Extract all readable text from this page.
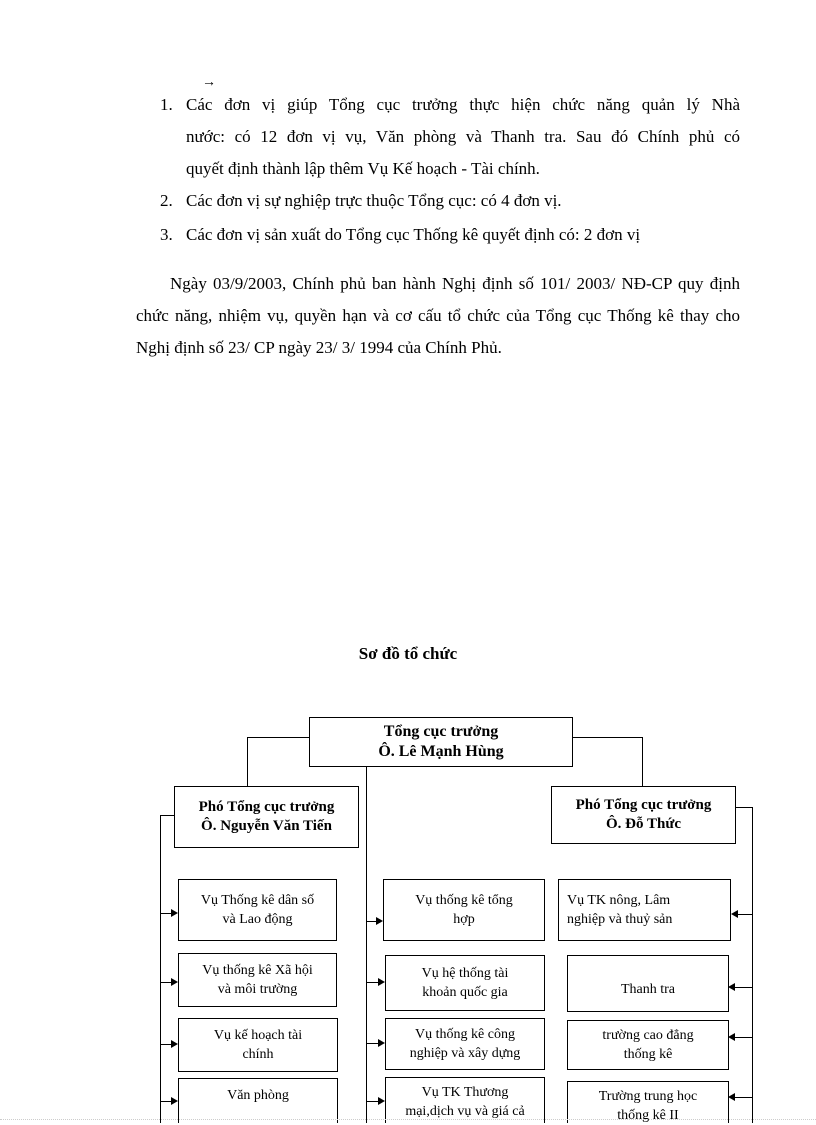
→
1. Các đơn vị giúp Tổng cục trưởng thực hiện chức năng quản lý Nhà
nước: có 12 đơn vị vụ, Văn phòng và Thanh tra. Sau đó Chính phủ có
quyết định thành lập thêm Vụ Kế hoạch - Tài chính.
2. Các đơn vị sự nghiệp trực thuộc Tổng cục: có 4 đơn vị.
3. Các đơn vị sản xuất do Tổng cục Thống kê quyết định có: 2 đơn vị
Ngày 03/9/2003, Chính phủ ban hành Nghị định số 101/ 2003/ NĐ-CP quy định chức năng, nhiệm vụ, quyền hạn và cơ cấu tổ chức của Tổng cục Thống kê thay cho Nghị định số 23/ CP ngày 23/ 3/ 1994 của Chính Phủ.
Sơ đồ tổ chức
Tổng cục trưởng
Ô. Lê Mạnh Hùng
Phó Tổng cục trưởng
Ô. Nguyễn Văn Tiến
Phó Tổng cục trưởng
Ô. Đỗ Thức
Vụ Thống kê dân số
và Lao động
Vụ thống kê Xã hội
và môi trường
Vụ kế hoạch tài
chính
Văn phòng
Vụ thống kê tổng
hợp
Vụ hệ thống tài
khoản quốc gia
Vụ thống kê công
nghiệp và xây dựng
Vụ TK Thương
mại,dịch vụ và giá cả
Vụ TK nông, Lâm
nghiệp và thuỷ sản
Thanh tra
trường cao đẳng
thống kê
Trường trung học
thống kê II
